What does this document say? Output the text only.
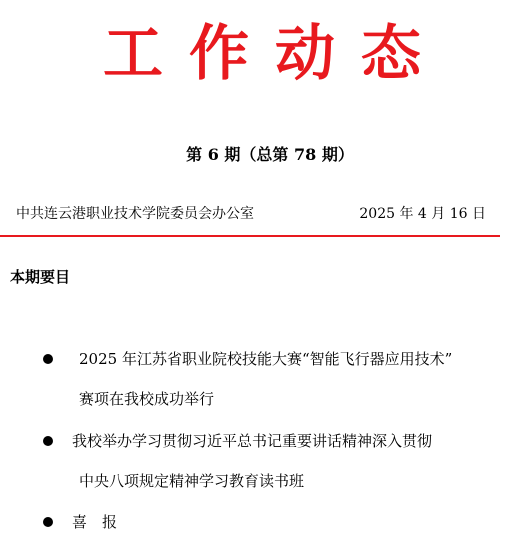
工作动态
第 6 期（总第 78 期）
中共连云港职业技术学院委员会办公室	2025 年 4 月 16 日
本期要目
2025 年江苏省职业院校技能大赛“智能飞行器应用技术”
赛项在我校成功举行
我校举办学习贯彻习近平总书记重要讲话精神深入贯彻
中央八项规定精神学习教育读书班
喜　报
